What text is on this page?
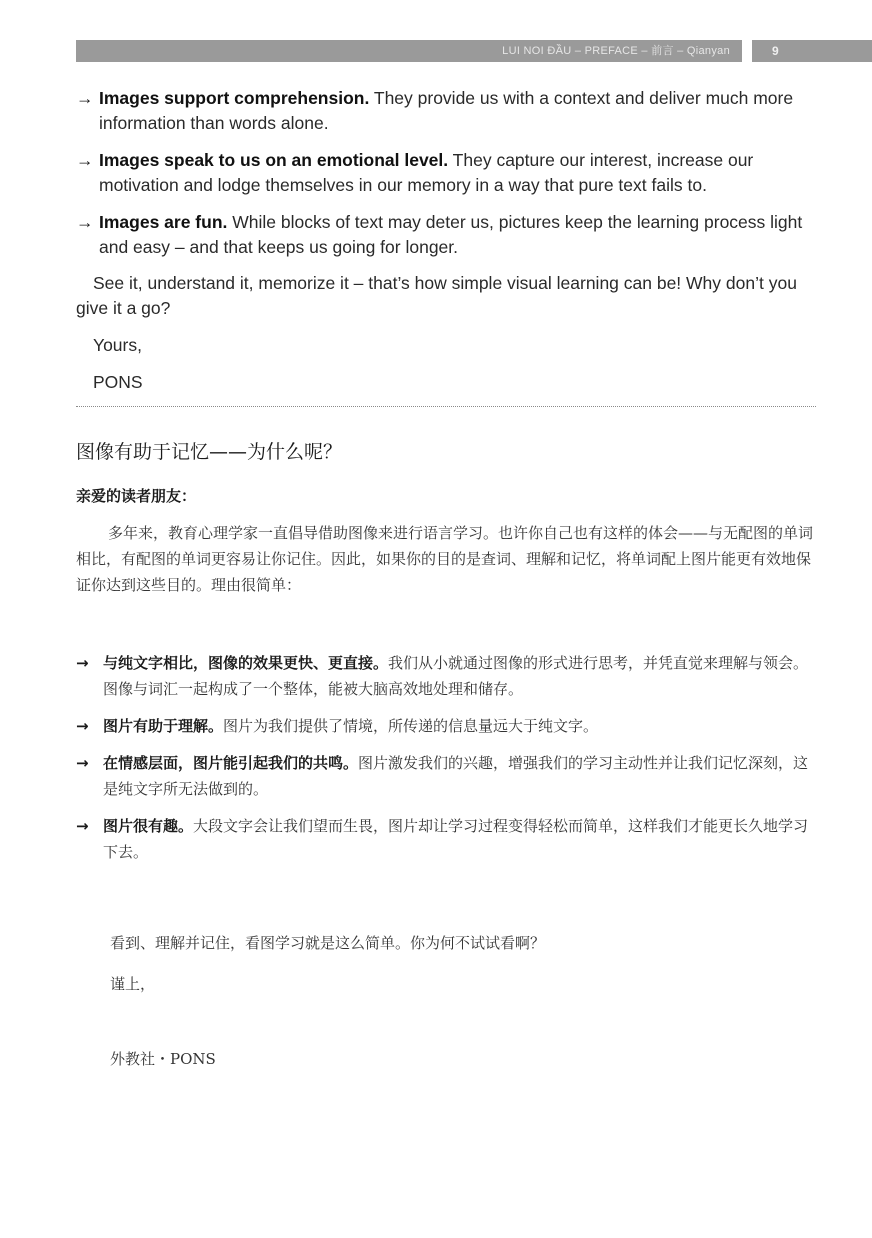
LUI NOI ĐẦU – PREFACE – 前言 – Qianyan	9
→ Images support comprehension. They provide us with a context and deliver much more information than words alone.
→ Images speak to us on an emotional level. They capture our interest, increase our motivation and lodge themselves in our memory in a way that pure text fails to.
→ Images are fun. While blocks of text may deter us, pictures keep the learning process light and easy – and that keeps us going for longer.
See it, understand it, memorize it – that’s how simple visual learning can be! Why don’t you give it a go?
Yours,
PONS
图像有助于记忆——为什么呢？
亲爱的读者朋友：
多年来，教育心理学家一直倡导借助图像来进行语言学习。也许你自己也有这样的体会——与无配图的单词相比，有配图的单词更容易让你记住。因此，如果你的目的是查词、理解和记忆，将单词配上图片能更有效地保证你达到这些目的。理由很简单：
→ 与纯文字相比，图像的效果更快、更直接。我们从小就通过图像的形式进行思考，并凭直觉来理解与领会。图像与词汇一起构成了一个整体，能被大脑高效地处理和储存。
→ 图片有助于理解。图片为我们提供了情境，所传递的信息量远大于纯文字。
→ 在情感层面，图片能引起我们的共鸣。图片激发我们的兴趣，增强我们的学习主动性并让我们记忆深刻，这是纯文字所无法做到的。
→ 图片很有趣。大段文字会让我们望而生畏，图片却让学习过程变得轻松而简单，这样我们才能更长久地学习下去。
看到、理解并记住，看图学习就是这么简单。你为何不试试看啊？
谨上，
外教社・PONS
